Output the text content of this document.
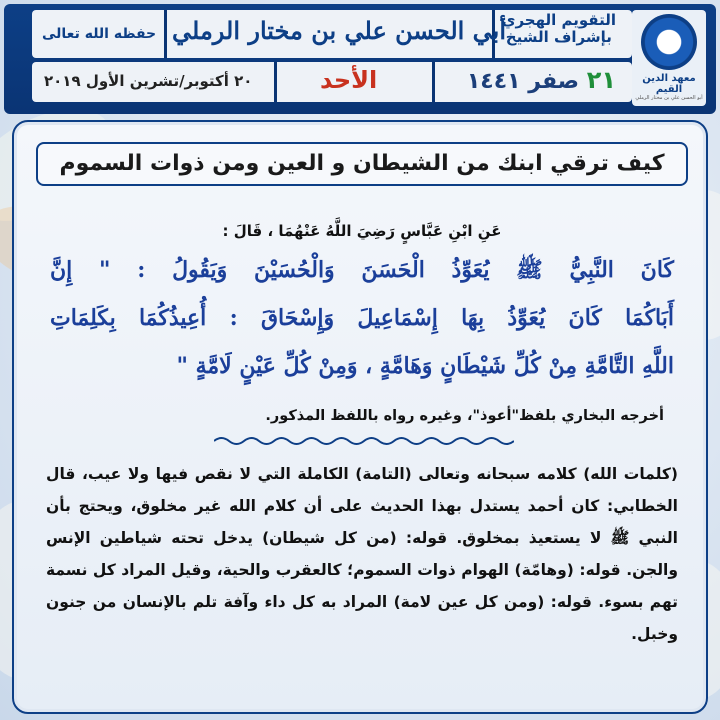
التقويم الهجري
بإشراف الشيخ
أبي الحسن علي بن مختار الرملي
حفظه الله تعالى
٢١ صفر ١٤٤١
الأحد
٢٠ أكتوبر/تشرين الأول ٢٠١٩	معهد الدين القيم
أبو الحسن علي بن مختار الرملي
كيف ترقي ابنك من الشيطان و العين ومن ذوات السموم
عَنِ ابْنِ عَبَّاسٍ رَضِيَ اللَّهُ عَنْهُمَا ، قَالَ :
كَانَ النَّبِيُّ ﷺ يُعَوِّذُ الْحَسَنَ وَالْحُسَيْنَ وَيَقُولُ : " إِنَّ
أَبَاكُمَا كَانَ يُعَوِّذُ بِهَا إِسْمَاعِيلَ وَإِسْحَاقَ : أُعِيذُكُمَا بِكَلِمَاتِ
اللَّهِ التَّامَّةِ مِنْ كُلِّ شَيْطَانٍ وَهَامَّةٍ ، وَمِنْ كُلِّ عَيْنٍ لَامَّةٍ "
أخرجه البخاري بلفظ"أعوذ"، وغيره رواه باللفظ المذكور.
(كلمات الله) كلامه سبحانه وتعالى (التامة) الكاملة التي لا نقص فيها ولا عيب، قال الخطابي: كان أحمد يستدل بهذا الحديث على أن كلام الله غير مخلوق، ويحتج بأن النبي ﷺ لا يستعيذ بمخلوق. قوله: (من كل شيطان) يدخل تحته شياطين الإنس والجن. قوله: (وهامّة) الهوام ذوات السموم؛ كالعقرب والحية، وقيل المراد كل نسمة تهم بسوء. قوله: (ومن كل عين لامة) المراد به كل داء وآفة تلم بالإنسان من جنون وخبل.
